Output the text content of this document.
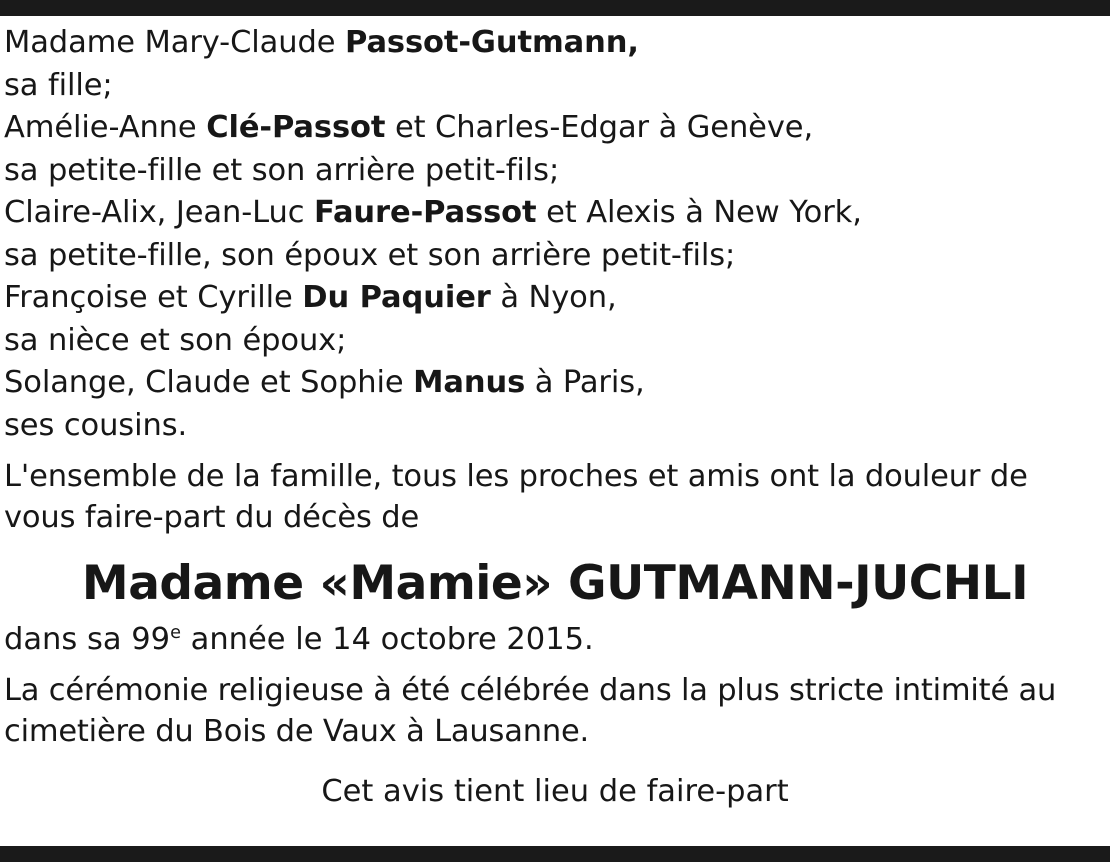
Madame Mary-Claude Passot-Gutmann,
sa fille;
Amélie-Anne Clé-Passot et Charles-Edgar à Genève,
sa petite-fille et son arrière petit-fils;
Claire-Alix, Jean-Luc Faure-Passot et Alexis à New York,
sa petite-fille, son époux et son arrière petit-fils;
Françoise et Cyrille Du Paquier à Nyon,
sa nièce et son époux;
Solange, Claude et Sophie Manus à Paris,
ses cousins.
L'ensemble de la famille, tous les proches et amis ont la douleur de vous faire-part du décès de
Madame «Mamie» GUTMANN-JUCHLI
dans sa 99e année le 14 octobre 2015.
La cérémonie religieuse à été célébrée dans la plus stricte intimité au cimetière du Bois de Vaux à Lausanne.
Cet avis tient lieu de faire-part
